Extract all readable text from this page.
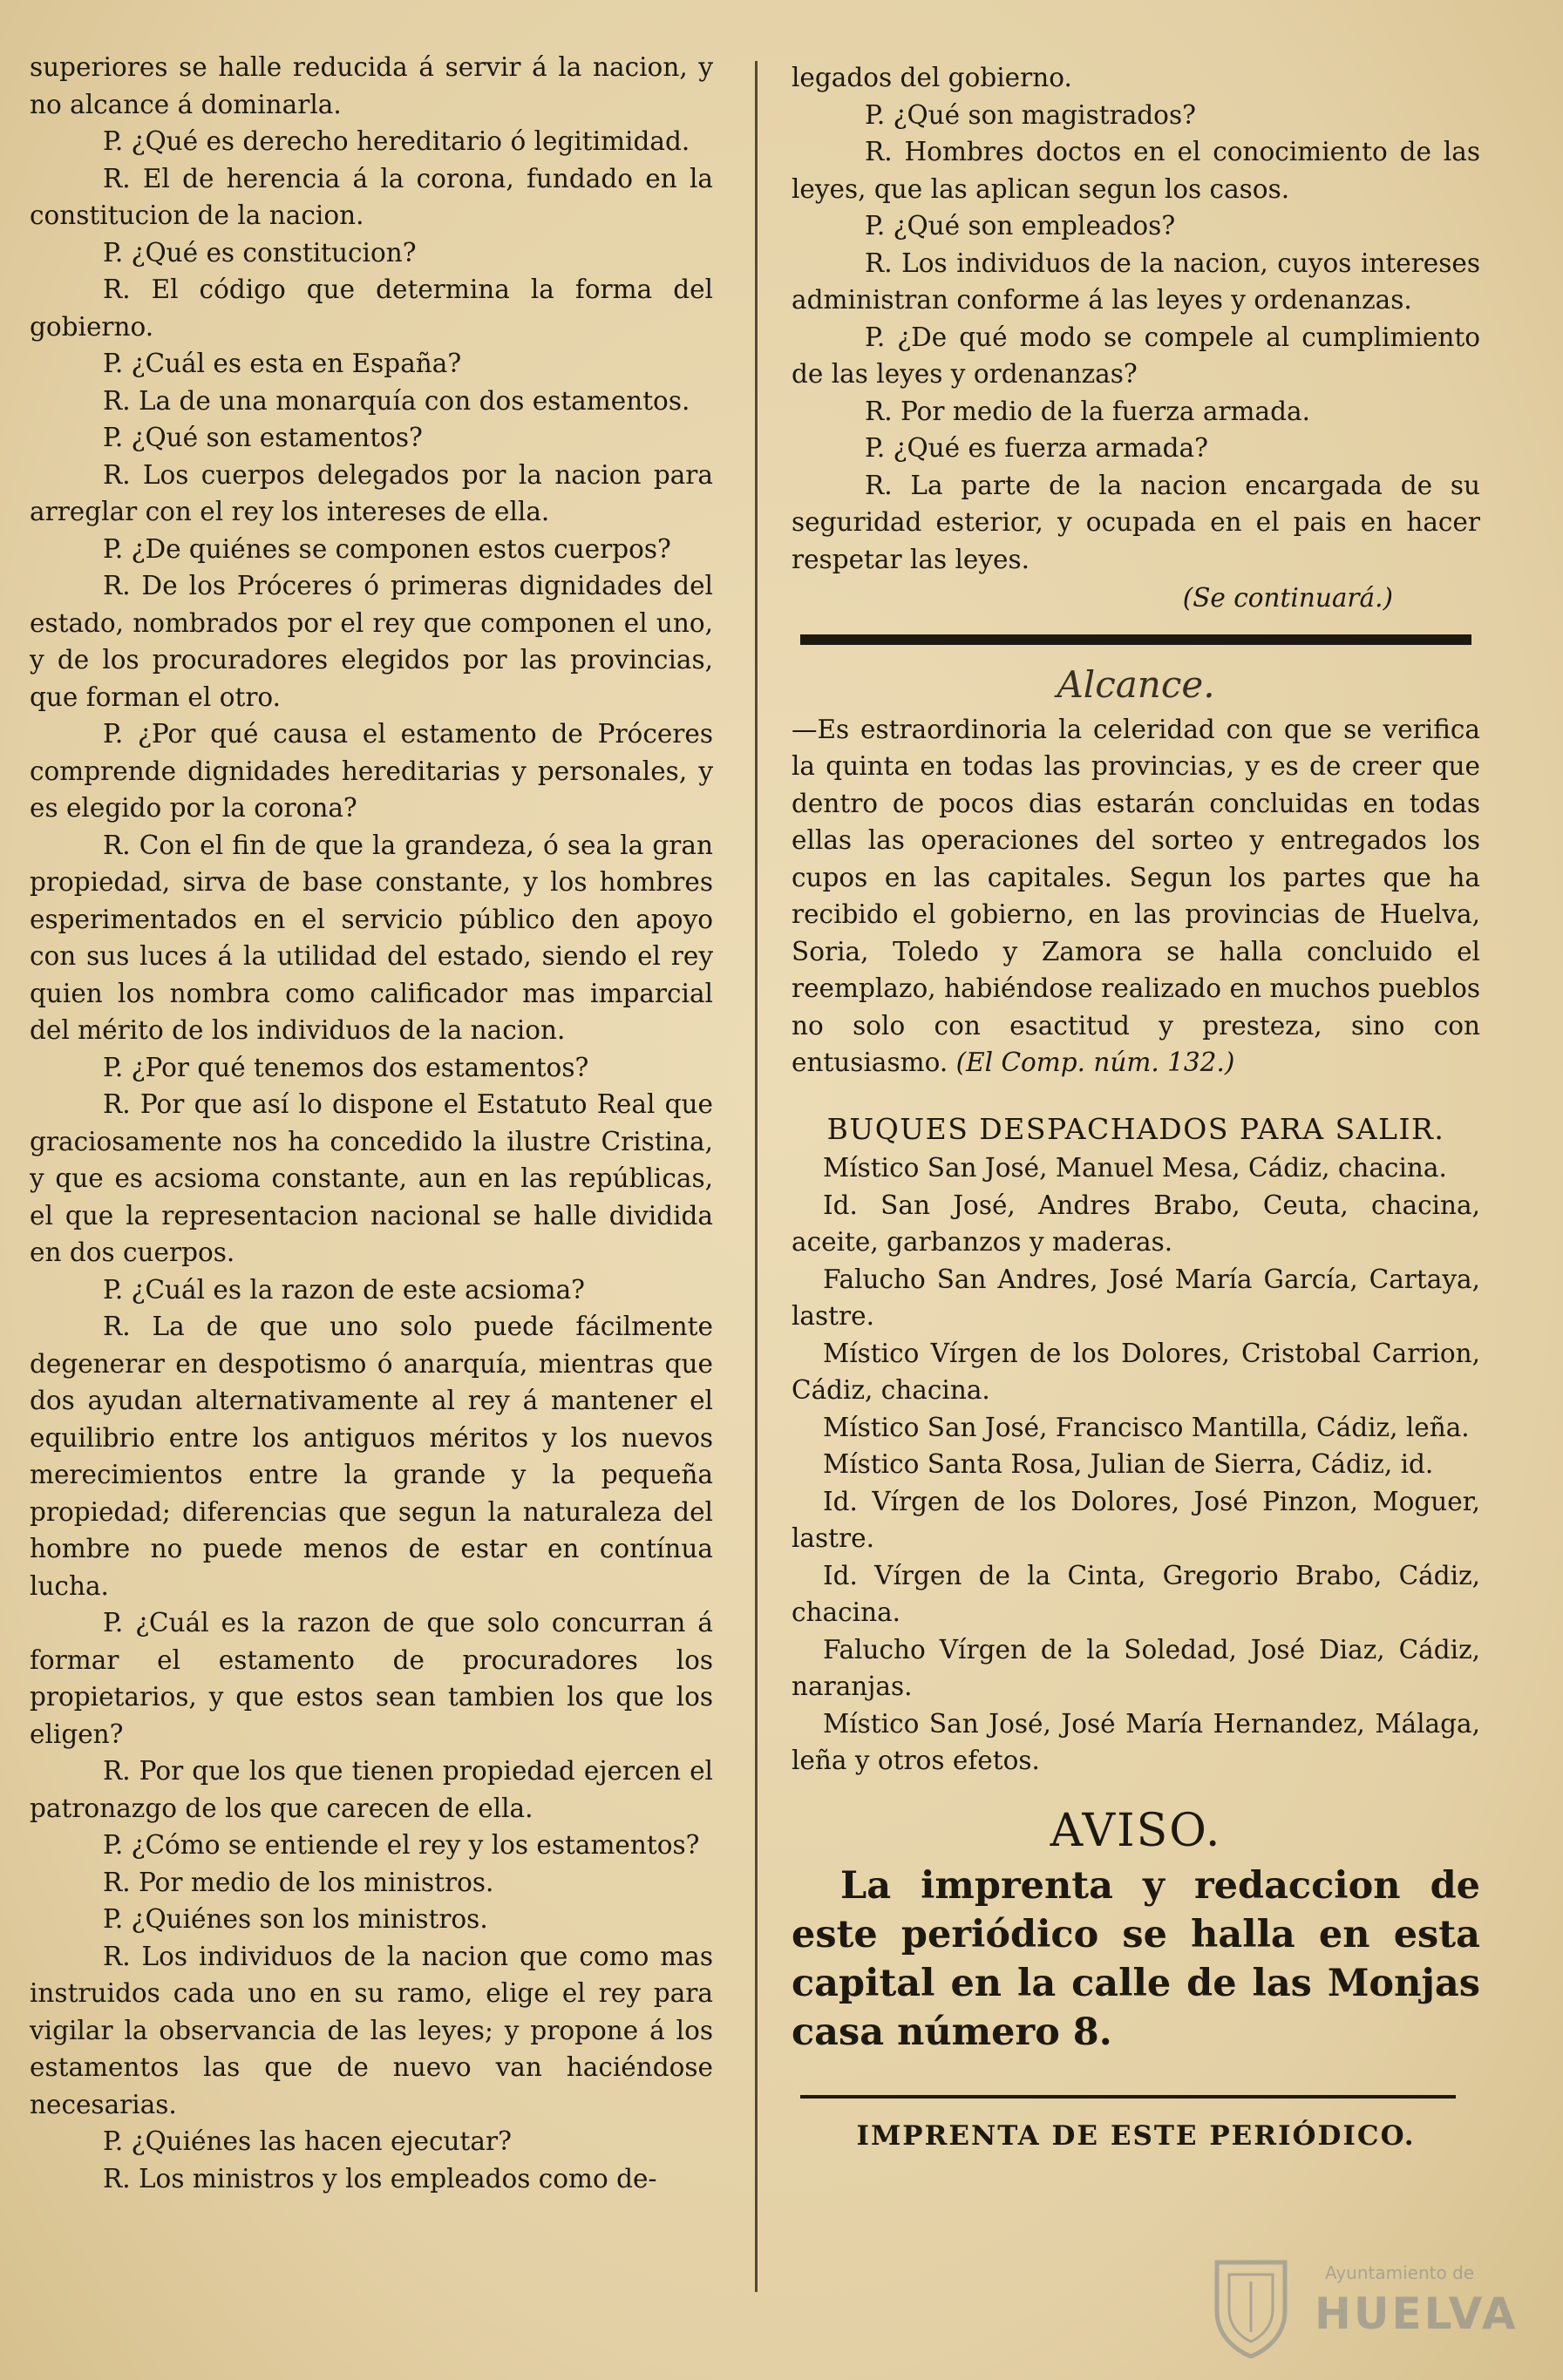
superiores se halle reducida á servir á la nacion, y no alcance á dominarla.

P. ¿Qué es derecho hereditario ó legitimidad.

R. El de herencia á la corona, fundado en la constitucion de la nacion.

P. ¿Qué es constitucion?

R. El código que determina la forma del gobierno.

P. ¿Cuál es esta en España?

R. La de una monarquía con dos estamentos.

P. ¿Qué son estamentos?

R. Los cuerpos delegados por la nacion para arreglar con el rey los intereses de ella.

P. ¿De quiénes se componen estos cuerpos?

R. De los Próceres ó primeras dignidades del estado, nombrados por el rey que componen el uno, y de los procuradores elegidos por las provincias, que forman el otro.

P. ¿Por qué causa el estamento de Próceres comprende dignidades hereditarias y personales, y es elegido por la corona?

R. Con el fin de que la grandeza, ó sea la gran propiedad, sirva de base constante, y los hombres esperimentados en el servicio público den apoyo con sus luces á la utilidad del estado, siendo el rey quien los nombra como calificador mas imparcial del mérito de los individuos de la nacion.

P. ¿Por qué tenemos dos estamentos?

R. Por que así lo dispone el Estatuto Real que graciosamente nos ha concedido la ilustre Cristina, y que es acsioma constante, aun en las repúblicas, el que la representacion nacional se halle dividida en dos cuerpos.

P. ¿Cuál es la razon de este acsioma?

R. La de que uno solo puede fácilmente degenerar en despotismo ó anarquía, mientras que dos ayudan alternativamente al rey á mantener el equilibrio entre los antiguos méritos y los nuevos merecimientos entre la grande y la pequeña propiedad; diferencias que segun la naturaleza del hombre no puede menos de estar en contínua lucha.

P. ¿Cuál es la razon de que solo concurran á formar el estamento de procuradores los propietarios, y que estos sean tambien los que los eligen?

R. Por que los que tienen propiedad ejercen el patronazgo de los que carecen de ella.

P. ¿Cómo se entiende el rey y los estamentos?

R. Por medio de los ministros.

P. ¿Quiénes son los ministros.

R. Los individuos de la nacion que como mas instruidos cada uno en su ramo, elige el rey para vigilar la observancia de las leyes; y propone á los estamentos las que de nuevo van haciéndose necesarias.

P. ¿Quiénes las hacen ejecutar?

R. Los ministros y los empleados como de-

legados del gobierno.

P. ¿Qué son magistrados?

R. Hombres doctos en el conocimiento de las leyes, que las aplican segun los casos.

P. ¿Qué son empleados?

R. Los individuos de la nacion, cuyos intereses administran conforme á las leyes y ordenanzas.

P. ¿De qué modo se compele al cumplimiento de las leyes y ordenanzas?

R. Por medio de la fuerza armada.

P. ¿Qué es fuerza armada?

R. La parte de la nacion encargada de su seguridad esterior, y ocupada en el pais en hacer respetar las leyes.

(Se continuará.)

Alcance.

—Es estraordinoria la celeridad con que se verifica la quinta en todas las provincias, y es de creer que dentro de pocos dias estarán concluidas en todas ellas las operaciones del sorteo y entregados los cupos en las capitales. Segun los partes que ha recibido el gobierno, en las provincias de Huelva, Soria, Toledo y Zamora se halla concluido el reemplazo, habiéndose realizado en muchos pueblos no solo con esactitud y presteza, sino con entusiasmo. (El Comp. núm. 132.)

BUQUES DESPACHADOS PARA SALIR.

Místico San José, Manuel Mesa, Cádiz, chacina.

Id. San José, Andres Brabo, Ceuta, chacina, aceite, garbanzos y maderas.

Falucho San Andres, José María García, Cartaya, lastre.

Místico Vírgen de los Dolores, Cristobal Carrion, Cádiz, chacina.

Místico San José, Francisco Mantilla, Cádiz, leña.

Místico Santa Rosa, Julian de Sierra, Cádiz, id.

Id. Vírgen de los Dolores, José Pinzon, Moguer, lastre.

Id. Vírgen de la Cinta, Gregorio Brabo, Cádiz, chacina.

Falucho Vírgen de la Soledad, José Diaz, Cádiz, naranjas.

Místico San José, José María Hernandez, Málaga, leña y otros efetos.

AVISO.

La imprenta y redaccion de este periódico se halla en esta capital en la calle de las Monjas casa número 8.

IMPRENTA DE ESTE PERIÓDICO.
Ayuntamiento de
HUELVA
